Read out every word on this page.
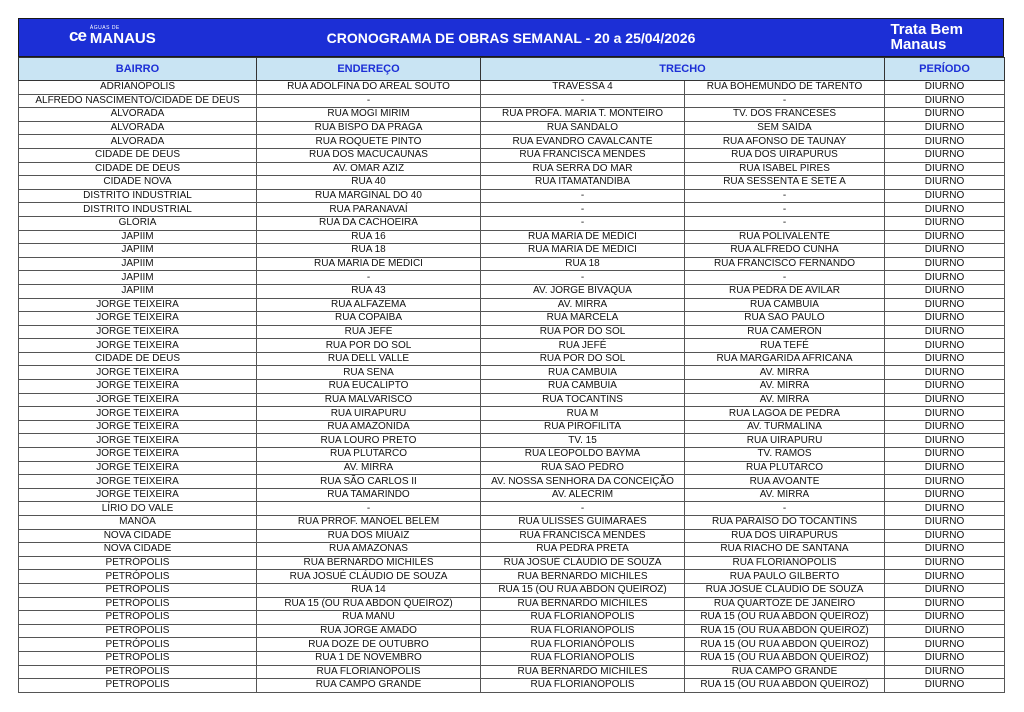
ᴄe ÁGUAS DE
MANAUS	CRONOGRAMA DE OBRAS SEMANAL - 20 a 25/04/2026	Trata Bem
Manaus
BAIRRO	ENDEREÇO	TRECHO		PERÍODO
ADRIANÓPOLIS	RUA ADOLFINA DO AREAL SOUTO	TRAVESSA 4	RUA BOHEMUNDO DE TARENTO	DIURNO
ALFREDO NASCIMENTO/CIDADE DE DEUS	-	-	-	DIURNO
ALVORADA	RUA MOGI MIRIM	RUA PROFA. MARIA T. MONTEIRO	TV. DOS FRANCESES	DIURNO
ALVORADA	RUA BISPO DA PRAGA	RUA SANDÁLO	SEM SAÍDA	DIURNO
ALVORADA	RUA ROQUETE PINTO	RUA EVANDRO CAVALCANTE	RUA AFONSO DE TAUNAY	DIURNO
CIDADE DE DEUS	RUA DOS MACUCAUNAS	RUA FRANCISCA MENDES	RUA DOS UIRAPURUS	DIURNO
CIDADE DE DEUS	AV. OMAR AZIZ	RUA SERRA DO MAR	RUA ISABEL PIRES	DIURNO
CIDADE NOVA	RUA 40	RUA ITAMATANDIBA	RUA SESSENTA E SETE A	DIURNO
DISTRITO INDUSTRIAL	RUA MARGINAL DO 40	-	-	DIURNO
DISTRITO INDUSTRIAL	RUA PARANAVAÍ	-	-	DIURNO
GLÓRIA	RUA DA CACHOEIRA	-	-	DIURNO
JAPIIM	RUA 16	RUA MARIA DE MÉDICI	RUA POLIVALENTE	DIURNO
JAPIIM	RUA 18	RUA MARIA DE MÉDICI	RUA ALFREDO CUNHA	DIURNO
JAPIIM	RUA MARIA DE MÉDICI	RUA 18	RUA FRANCISCO FERNANDO	DIURNO
JAPIIM	-	-	-	DIURNO
JAPIIM	RUA 43	AV. JORGE BIVÁQUA	RUA PEDRA DE AVILAR	DIURNO
JORGE TEIXEIRA	RUA ALFAZEMA	AV. MIRRA	RUA CAMBUIA	DIURNO
JORGE TEIXEIRA	RUA COPAIBA	RUA MARCELA	RUA SÃO PAULO	DIURNO
JORGE TEIXEIRA	RUA JEFÉ	RUA POR DO SOL	RUA CAMERON	DIURNO
JORGE TEIXEIRA	RUA POR DO SOL	RUA JEFÉ	RUA TEFÉ	DIURNO
CIDADE DE DEUS	RUA DELL VALLE	RUA POR DO SOL	RUA MARGARIDA AFRICANA	DIURNO
JORGE TEIXEIRA	RUA SENA	RUA CAMBUIA	AV. MIRRA	DIURNO
JORGE TEIXEIRA	RUA EUCALIPTO	RUA CAMBUIA	AV. MIRRA	DIURNO
JORGE TEIXEIRA	RUA MALVARISCO	RUA TOCANTINS	AV. MIRRA	DIURNO
JORGE TEIXEIRA	RUA UIRAPURU	RUA M	RUA LAGOA DE PEDRA	DIURNO
JORGE TEIXEIRA	RUA AMAZONIDA	RUA PIROFILITA	AV. TURMALINA	DIURNO
JORGE TEIXEIRA	RUA LOURO PRETO	TV. 15	RUA UIRAPURU	DIURNO
JORGE TEIXEIRA	RUA PLUTARCO	RUA LEOPOLDO BAYMA	TV. RAMOS	DIURNO
JORGE TEIXEIRA	AV. MIRRA	RUA SÃO PEDRO	RUA PLUTARCO	DIURNO
JORGE TEIXEIRA	RUA SÃO CARLOS II	AV. NOSSA SENHORA DA CONCEIÇÃO	RUA AVOANTE	DIURNO
JORGE TEIXEIRA	RUA TAMARINDO	AV. ALECRIM	AV. MIRRA	DIURNO
LÍRIO DO VALE	-	-	-	DIURNO
MANÔA	RUA PRROF. MANOEL BELÉM	RUA ULISSES GUIMARÃES	RUA PARAÍSO DO TOCANTINS	DIURNO
NOVA CIDADE	RUA DOS MIUAIZ	RUA FRANCISCA MENDES	RUA DOS UIRAPURUS	DIURNO
NOVA CIDADE	RUA AMAZONAS	RUA PEDRA PRETA	RUA RIACHO DE SANTANA	DIURNO
PETRÓPOLIS	RUA BERNARDO MICHILES	RUA JOSUÉ CLÁUDIO DE SOUZA	RUA FLORIANÓPOLIS	DIURNO
PETRÓPOLIS	RUA JOSUÉ CLÁUDIO DE SOUZA	RUA BERNARDO MICHILES	RUA PAULO GILBERTO	DIURNO
PETRÓPOLIS	RUA 14	RUA 15 (OU RUA ABDON QUEIROZ)	RUA JOSUÉ CLÁUDIO DE SOUZA	DIURNO
PETRÓPOLIS	RUA 15 (OU RUA ABDON QUEIROZ)	RUA BERNARDO MICHILES	RUA QUARTOZE DE JANEIRO	DIURNO
PETRÓPOLIS	RUA MANU	RUA FLORIANÓPOLIS	RUA 15 (OU RUA ABDON QUEIROZ)	DIURNO
PETRÓPOLIS	RUA JORGE AMADO	RUA FLORIANÓPOLIS	RUA 15 (OU RUA ABDON QUEIROZ)	DIURNO
PETRÓPOLIS	RUA DOZE DE OUTUBRO	RUA FLORIANÓPOLIS	RUA 15 (OU RUA ABDON QUEIROZ)	DIURNO
PETRÓPOLIS	RUA 1 DE NOVEMBRO	RUA FLORIANÓPOLIS	RUA 15 (OU RUA ABDON QUEIROZ)	DIURNO
PETRÓPOLIS	RUA FLORIANÓPOLIS	RUA BERNARDO MICHILES	RUA CAMPO GRANDE	DIURNO
PETRÓPOLIS	RUA CAMPO GRANDE	RUA FLORIANÓPOLIS	RUA 15 (OU RUA ABDON QUEIROZ)	DIURNO
